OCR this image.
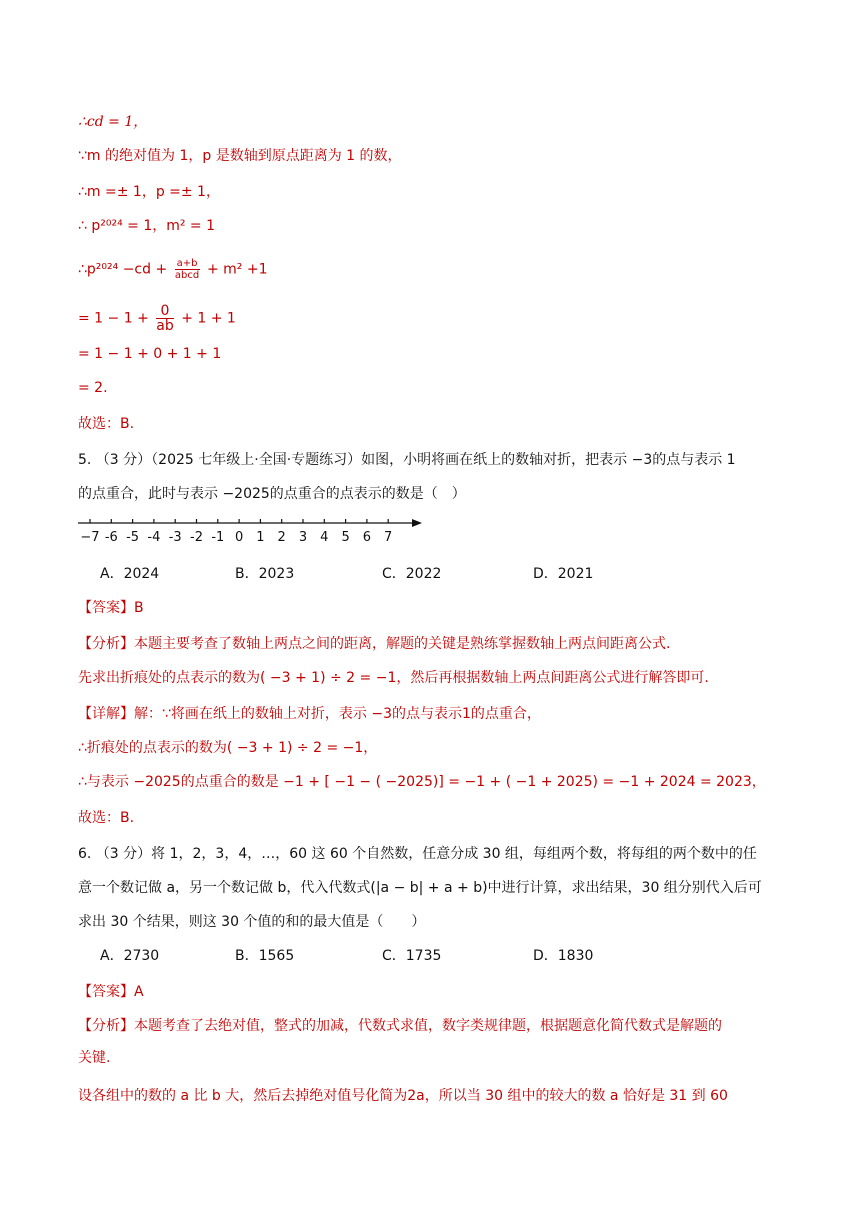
∴cd = 1，
∵m 的绝对值为 1，p 是数轴到原点距离为 1 的数，
∴m =± 1，p =± 1，
∴ p²⁰²⁴ = 1，m² = 1
∴p²⁰²⁴ $-cd + \frac{a+b}{\text{abcd}} + m^2 +1$
= $1 - 1 + \frac{0}{ab} + 1 + 1$
= 1 − 1 + 0 + 1 + 1
= 2.
故选：B.
5. （3 分）（2025 七年级上·全国·专题练习）如图，小明将画在纸上的数轴对折，把表示 −3的点与表示 1
的点重合，此时与表示 −2025的点重合的点表示的数是（　）
−7 -6 -5 -4 -3 -2 -1 0 1 2 3 4 5 6 7
A．2024	B．2023	C．2022	D．2021
【答案】B
【分析】本题主要考查了数轴上两点之间的距离，解题的关键是熟练掌握数轴上两点间距离公式.
先求出折痕处的点表示的数为( −3 + 1) ÷ 2 = −1，然后再根据数轴上两点间距离公式进行解答即可.
【详解】解：∵将画在纸上的数轴上对折，表示 −3的点与表示1的点重合，
∴折痕处的点表示的数为( −3 + 1) ÷ 2 = −1，
∴与表示 −2025的点重合的数是 −1 + [ −1 − ( −2025)] = −1 + ( −1 + 2025) = −1 + 2024 = 2023，
故选：B.
6. （3 分）将 1，2，3，4，…，60 这 60 个自然数，任意分成 30 组，每组两个数，将每组的两个数中的任
意一个数记做 a，另一个数记做 b，代入代数式(|a − b| + a + b)中进行计算，求出结果，30 组分别代入后可
求出 30 个结果，则这 30 个值的和的最大值是（　　）
A．2730	B．1565	C．1735	D．1830
【答案】A
【分析】本题考查了去绝对值，整式的加减，代数式求值，数字类规律题，根据题意化简代数式是解题的
关键.
设各组中的数的 a 比 b 大，然后去掉绝对值号化简为2a，所以当 30 组中的较大的数 a 恰好是 31 到 60
